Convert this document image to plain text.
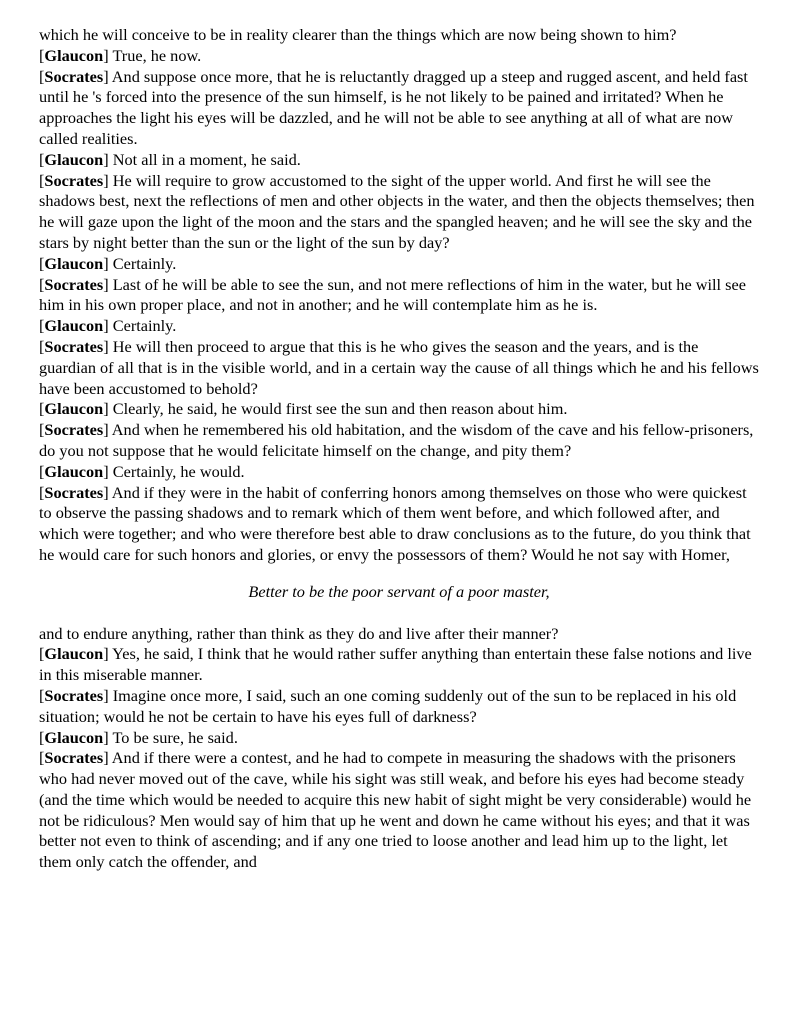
which he will conceive to be in reality clearer than the things which are now being shown to him?

[Glaucon] True, he now.

[Socrates] And suppose once more, that he is reluctantly dragged up a steep and rugged ascent, and held fast until he 's forced into the presence of the sun himself, is he not likely to be pained and irritated? When he approaches the light his eyes will be dazzled, and he will not be able to see anything at all of what are now called realities.

[Glaucon] Not all in a moment, he said.

[Socrates] He will require to grow accustomed to the sight of the upper world. And first he will see the shadows best, next the reflections of men and other objects in the water, and then the objects themselves; then he will gaze upon the light of the moon and the stars and the spangled heaven; and he will see the sky and the stars by night better than the sun or the light of the sun by day?

[Glaucon] Certainly.

[Socrates] Last of he will be able to see the sun, and not mere reflections of him in the water, but he will see him in his own proper place, and not in another; and he will contemplate him as he is.

[Glaucon] Certainly.

[Socrates] He will then proceed to argue that this is he who gives the season and the years, and is the guardian of all that is in the visible world, and in a certain way the cause of all things which he and his fellows have been accustomed to behold?

[Glaucon] Clearly, he said, he would first see the sun and then reason about him.

[Socrates] And when he remembered his old habitation, and the wisdom of the cave and his fellow-prisoners, do you not suppose that he would felicitate himself on the change, and pity them?

[Glaucon] Certainly, he would.

[Socrates] And if they were in the habit of conferring honors among themselves on those who were quickest to observe the passing shadows and to remark which of them went before, and which followed after, and which were together; and who were therefore best able to draw conclusions as to the future, do you think that he would care for such honors and glories, or envy the possessors of them? Would he not say with Homer,

Better to be the poor servant of a poor master,

and to endure anything, rather than think as they do and live after their manner?

[Glaucon] Yes, he said, I think that he would rather suffer anything than entertain these false notions and live in this miserable manner.

[Socrates] Imagine once more, I said, such an one coming suddenly out of the sun to be replaced in his old situation; would he not be certain to have his eyes full of darkness?

[Glaucon] To be sure, he said.

[Socrates] And if there were a contest, and he had to compete in measuring the shadows with the prisoners who had never moved out of the cave, while his sight was still weak, and before his eyes had become steady (and the time which would be needed to acquire this new habit of sight might be very considerable) would he not be ridiculous? Men would say of him that up he went and down he came without his eyes; and that it was better not even to think of ascending; and if any one tried to loose another and lead him up to the light, let them only catch the offender, and
